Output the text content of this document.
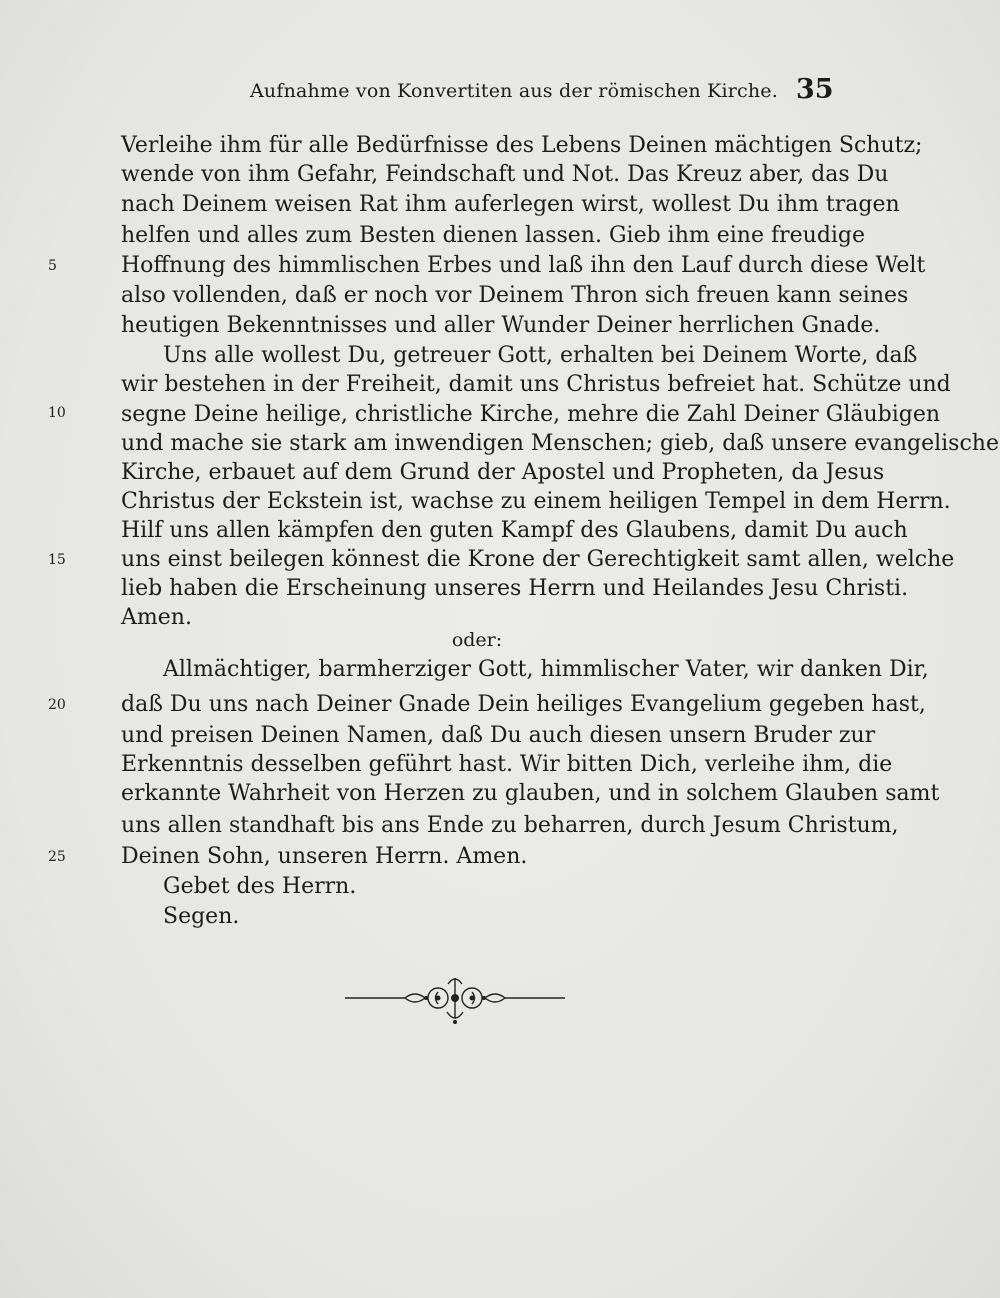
Aufnahme von Konvertiten aus der römischen Kirche. 35
Verleihe ihm für alle Bedürfnisse des Lebens Deinen mächtigen Schutz;
wende von ihm Gefahr, Feindschaft und Not. Das Kreuz aber, das Du
nach Deinem weisen Rat ihm auferlegen wirst, wollest Du ihm tragen
helfen und alles zum Besten dienen lassen. Gieb ihm eine freudige
Hoffnung des himmlischen Erbes und laß ihn den Lauf durch diese Welt
also vollenden, daß er noch vor Deinem Thron sich freuen kann seines
heutigen Bekenntnisses und aller Wunder Deiner herrlichen Gnade.
Uns alle wollest Du, getreuer Gott, erhalten bei Deinem Worte, daß
wir bestehen in der Freiheit, damit uns Christus befreiet hat. Schütze und
segne Deine heilige, christliche Kirche, mehre die Zahl Deiner Gläubigen
und mache sie stark am inwendigen Menschen; gieb, daß unsere evangelische
Kirche, erbauet auf dem Grund der Apostel und Propheten, da Jesus
Christus der Eckstein ist, wachse zu einem heiligen Tempel in dem Herrn.
Hilf uns allen kämpfen den guten Kampf des Glaubens, damit Du auch
uns einst beilegen könnest die Krone der Gerechtigkeit samt allen, welche
lieb haben die Erscheinung unseres Herrn und Heilandes Jesu Christi.
Amen.
oder:
Allmächtiger, barmherziger Gott, himmlischer Vater, wir danken Dir,
daß Du uns nach Deiner Gnade Dein heiliges Evangelium gegeben hast,
und preisen Deinen Namen, daß Du auch diesen unsern Bruder zur
Erkenntnis desselben geführt hast. Wir bitten Dich, verleihe ihm, die
erkannte Wahrheit von Herzen zu glauben, und in solchem Glauben samt
uns allen standhaft bis ans Ende zu beharren, durch Jesum Christum,
Deinen Sohn, unseren Herrn. Amen.
Gebet des Herrn.
Segen.
5
10
15
20
25
